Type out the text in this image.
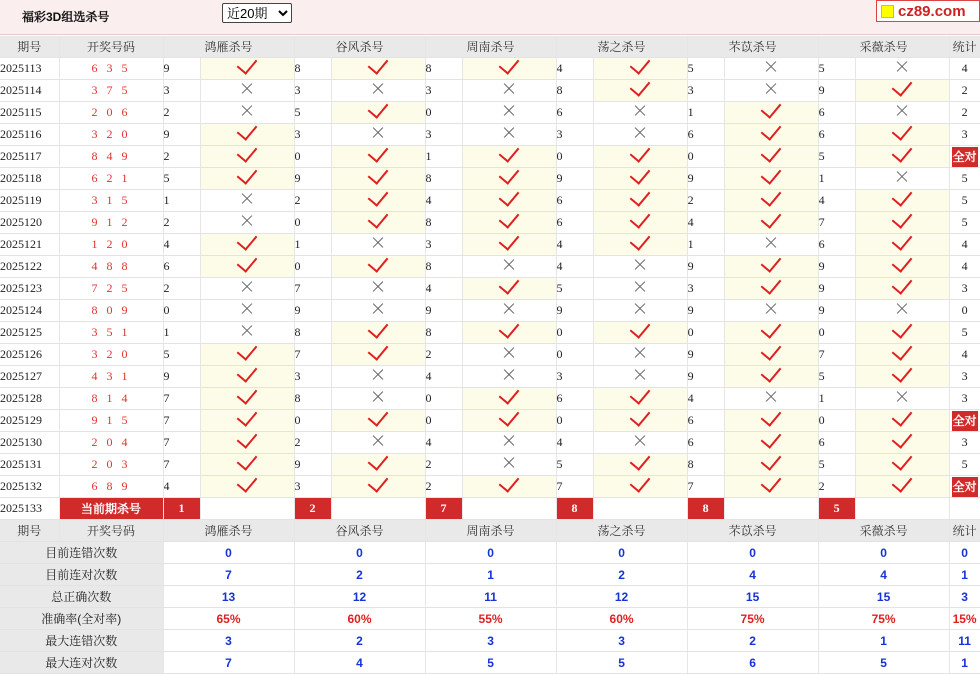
福彩3D组选杀号
近20期	cz89.com
期号	开奖号码	鸿雁杀号		谷风杀号		周南杀号		荡之杀号		芣苡杀号		采薇杀号		统计
2025113	6 3 5	9		8		8		4		5		5		4
2025114	3 7 5	3		3		3		8		3		9		2
2025115	2 0 6	2		5		0		6		1		6		2
2025116	3 2 0	9		3		3		3		6		6		3
2025117	8 4 9	2		0		1		0		0		5		全对
2025118	6 2 1	5		9		8		9		9		1		5
2025119	3 1 5	1		2		4		6		2		4		5
2025120	9 1 2	2		0		8		6		4		7		5
2025121	1 2 0	4		1		3		4		1		6		4
2025122	4 8 8	6		0		8		4		9		9		4
2025123	7 2 5	2		7		4		5		3		9		3
2025124	8 0 9	0		9		9		9		9		9		0
2025125	3 5 1	1		8		8		0		0		0		5
2025126	3 2 0	5		7		2		0		9		7		4
2025127	4 3 1	9		3		4		3		9		5		3
2025128	8 1 4	7		8		0		6		4		1		3
2025129	9 1 5	7		0		0		0		6		0		全对
2025130	2 0 4	7		2		4		4		6		6		3
2025131	2 0 3	7		9		2		5		8		5		5
2025132	6 8 9	4		3		2		7		7		2		全对
2025133	当前期杀号	1		2		7		8		8		5		
期号	开奖号码	鸿雁杀号		谷风杀号		周南杀号		荡之杀号		芣苡杀号		采薇杀号		统计
目前连错次数		0		0		0		0		0		0		0
目前连对次数		7		2		1		2		4		4		1
总正确次数		13		12		11		12		15		15		3
准确率(全对率)		65%		60%		55%		60%		75%		75%		15%
最大连错次数		3		2		3		3		2		1		11
最大连对次数		7		4		5		5		6		5		1
